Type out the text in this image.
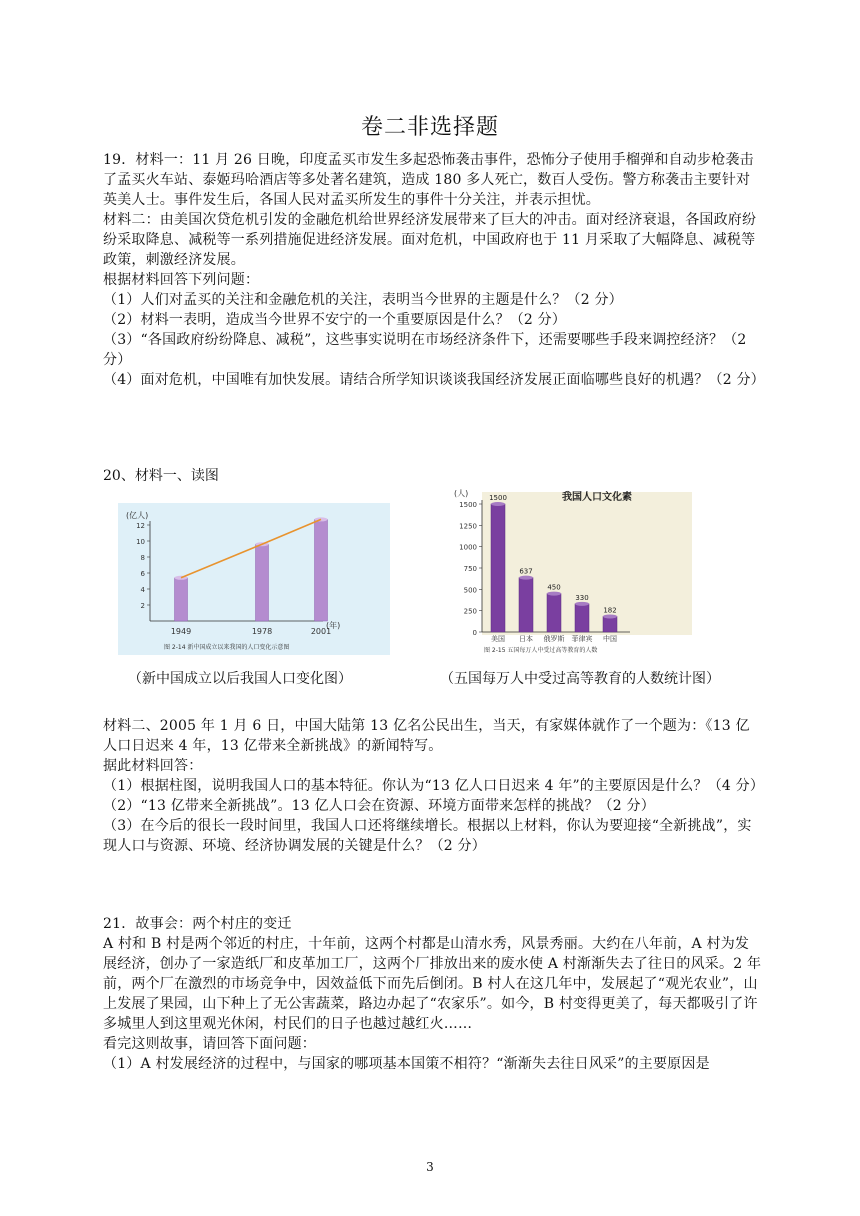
卷二非选择题

19．材料一：11 月 26 日晚，印度孟买市发生多起恐怖袭击事件，恐怖分子使用手榴弹和自动步枪袭击了孟买火车站、泰姬玛哈酒店等多处著名建筑，造成 180 多人死亡，数百人受伤。警方称袭击主要针对英美人士。事件发生后，各国人民对孟买所发生的事件十分关注，并表示担忧。

材料二：由美国次贷危机引发的金融危机给世界经济发展带来了巨大的冲击。面对经济衰退，各国政府纷纷采取降息、减税等一系列措施促进经济发展。面对危机，中国政府也于 11 月采取了大幅降息、减税等政策，刺激经济发展。

根据材料回答下列问题：

（1）人们对孟买的关注和金融危机的关注，表明当今世界的主题是什么？（2 分）

（2）材料一表明，造成当今世界不安宁的一个重要原因是什么？（2 分）

（3）“各国政府纷纷降息、减税”，这些事实说明在市场经济条件下，还需要哪些手段来调控经济？（2 分）

（4）面对危机，中国唯有加快发展。请结合所学知识谈谈我国经济发展正面临哪些良好的机遇？（2 分）

20、材料一、读图
(亿人)
(年)
图 2-14 新中国成立以来我国的人口变化示意图
2
4
6
8
10
12
1949	1978	2001
(人)	我国人口文化素
图 2-15 五国每万人中受过高等教育的人数
0
250
500
750
1000
1250
1500
1500
美国
637
日本
450
俄罗斯
330
菲律宾
182
中国
（新中国成立以后我国人口变化图）	（五国每万人中受过高等教育的人数统计图）

材料二、2005 年 1 月 6 日，中国大陆第 13 亿名公民出生，当天，有家媒体就作了一个题为：《13 亿人口日迟来 4 年，13 亿带来全新挑战》的新闻特写。

据此材料回答：

（1）根据柱图，说明我国人口的基本特征。你认为“13 亿人口日迟来 4 年”的主要原因是什么？（4 分）

（2）“13 亿带来全新挑战”。13 亿人口会在资源、环境方面带来怎样的挑战？（2 分）

（3）在今后的很长一段时间里，我国人口还将继续增长。根据以上材料，你认为要迎接“全新挑战”，实现人口与资源、环境、经济协调发展的关键是什么？（2 分）

21．故事会：两个村庄的变迁

A 村和 B 村是两个邻近的村庄，十年前，这两个村都是山清水秀，风景秀丽。大约在八年前，A 村为发展经济，创办了一家造纸厂和皮革加工厂，这两个厂排放出来的废水使 A 村渐渐失去了往日的风采。2 年前，两个厂在激烈的市场竞争中，因效益低下而先后倒闭。B 村人在这几年中，发展起了“观光农业”，山上发展了果园，山下种上了无公害蔬菜，路边办起了“农家乐”。如今，B 村变得更美了，每天都吸引了许多城里人到这里观光休闲，村民们的日子也越过越红火……

看完这则故事，请回答下面问题：

（1）A 村发展经济的过程中，与国家的哪项基本国策不相符？“渐渐失去往日风采”的主要原因是

3
